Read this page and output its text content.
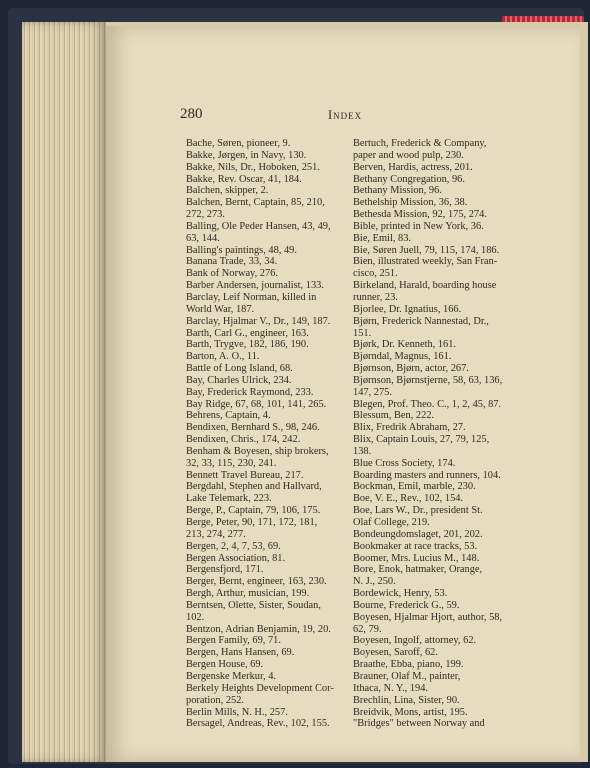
280	Index
Bache, Søren, pioneer, 9.
Bakke, Jørgen, in Navy, 130.
Bakke, Nils, Dr., Hoboken, 251.
Bakke, Rev. Oscar, 41, 184.
Balchen, skipper, 2.
Balchen, Bernt, Captain, 85, 210,
272, 273.
Balling, Ole Peder Hansen, 43, 49,
63, 144.
Balling's paintings, 48, 49.
Banana Trade, 33, 34.
Bank of Norway, 276.
Barber Andersen, journalist, 133.
Barclay, Leif Norman, killed in
World War, 187.
Barclay, Hjalmar V., Dr., 149, 187.
Barth, Carl G., engineer, 163.
Barth, Trygve, 182, 186, 190.
Barton, A. O., 11.
Battle of Long Island, 68.
Bay, Charles Ulrick, 234.
Bay, Frederick Raymond, 233.
Bay Ridge, 67, 68, 101, 141, 265.
Behrens, Captain, 4.
Bendixen, Bernhard S., 98, 246.
Bendixen, Chris., 174, 242.
Benham & Boyesen, ship brokers,
32, 33, 115, 230, 241.
Bennett Travel Bureau, 217.
Bergdahl, Stephen and Hallvard,
Lake Telemark, 223.
Berge, P., Captain, 79, 106, 175.
Berge, Peter, 90, 171, 172, 181,
213, 274, 277.
Bergen, 2, 4, 7, 53, 69.
Bergen Association, 81.
Bergensfjord, 171.
Berger, Bernt, engineer, 163, 230.
Bergh, Arthur, musician, 199.
Berntsen, Olette, Sister, Soudan,
102.
Bentzon, Adrian Benjamin, 19, 20.
Bergen Family, 69, 71.
Bergen, Hans Hansen, 69.
Bergen House, 69.
Bergenske Merkur, 4.
Berkely Heights Development Cor-
poration, 252.
Berlin Mills, N. H., 257.
Bersagel, Andreas, Rev., 102, 155.
Bertuch, Frederick & Company,
paper and wood pulp, 230.
Berven, Hardis, actress, 201.
Bethany Congregation, 96.
Bethany Mission, 96.
Bethelship Mission, 36, 38.
Bethesda Mission, 92, 175, 274.
Bible, printed in New York, 36.
Bie, Emil, 83.
Bie, Søren Juell, 79, 115, 174, 186.
Bien, illustrated weekly, San Fran-
cisco, 251.
Birkeland, Harald, boarding house
runner, 23.
Bjorlee, Dr. Ignatius, 166.
Bjørn, Frederick Nannestad, Dr.,
151.
Bjørk, Dr. Kenneth, 161.
Bjørndal, Magnus, 161.
Bjørnson, Bjørn, actor, 267.
Bjørnson, Bjørnstjerne, 58, 63, 136,
147, 275.
Blegen, Prof. Theo. C., 1, 2, 45, 87.
Blessum, Ben, 222.
Blix, Fredrik Abraham, 27.
Blix, Captain Louis, 27, 79, 125,
138.
Blue Cross Society, 174.
Boarding masters and runners, 104.
Bockman, Emil, marble, 230.
Boe, V. E., Rev., 102, 154.
Boe, Lars W., Dr., president St.
Olaf College, 219.
Bondeungdomslaget, 201, 202.
Bookmaker at race tracks, 53.
Boomer, Mrs. Lucius M., 148.
Bore, Enok, hatmaker, Orange,
N. J., 250.
Bordewick, Henry, 53.
Bourne, Frederick G., 59.
Boyesen, Hjalmar Hjort, author, 58,
62, 79.
Boyesen, Ingolf, attorney, 62.
Boyesen, Saroff, 62.
Braathe, Ebba, piano, 199.
Brauner, Olaf M., painter,
Ithaca, N. Y., 194.
Brechlin, Lina, Sister, 90.
Breidvik, Mons, artist, 195.
"Bridges" between Norway and
